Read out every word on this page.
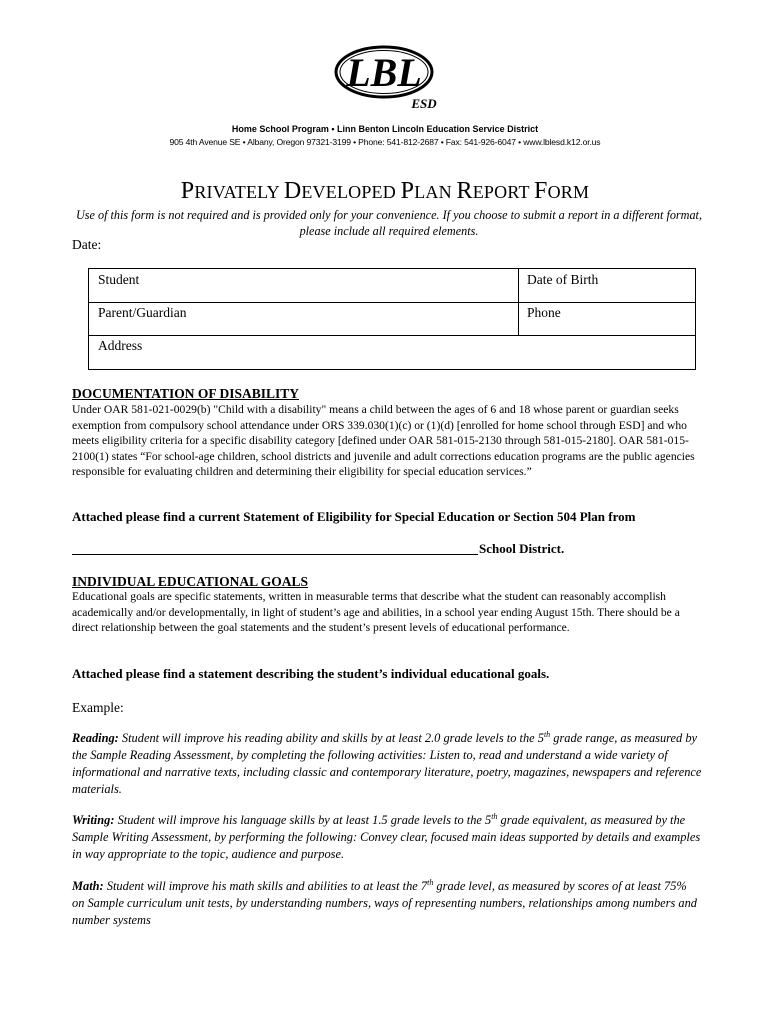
LBL
ESD
Home School Program • Linn Benton Lincoln Education Service District
905 4th Avenue SE • Albany, Oregon 97321-3199 • Phone: 541-812-2687 • Fax: 541-926-6047 • www.lblesd.k12.or.us
PRIVATELY DEVELOPED PLAN REPORT FORM
Use of this form is not required and is provided only for your convenience. If you choose to submit a report in a different format, please include all required elements.
Date:
Student	Date of Birth
Parent/Guardian	Phone
Address
DOCUMENTATION OF DISABILITY
Under OAR 581-021-0029(b) "Child with a disability" means a child between the ages of 6 and 18 whose parent or guardian seeks exemption from compulsory school attendance under ORS 339.030(1)(c) or (1)(d) [enrolled for home school through ESD] and who meets eligibility criteria for a specific disability category [defined under OAR 581-015-2130 through 581-015-2180]. OAR 581-015-2100(1) states “For school-age children, school districts and juvenile and adult corrections education programs are the public agencies responsible for evaluating children and determining their eligibility for special education services.”
Attached please find a current Statement of Eligibility for Special Education or Section 504 Plan from
School District.
INDIVIDUAL EDUCATIONAL GOALS
Educational goals are specific statements, written in measurable terms that describe what the student can reasonably accomplish academically and/or developmentally, in light of student’s age and abilities, in a school year ending August 15th. There should be a direct relationship between the goal statements and the student’s present levels of educational performance.
Attached please find a statement describing the student’s individual educational goals.
Example:
Reading: Student will improve his reading ability and skills by at least 2.0 grade levels to the 5th grade range, as measured by the Sample Reading Assessment, by completing the following activities: Listen to, read and understand a wide variety of informational and narrative texts, including classic and contemporary literature, poetry, magazines, newspapers and reference materials.
Writing: Student will improve his language skills by at least 1.5 grade levels to the 5th grade equivalent, as measured by the Sample Writing Assessment, by performing the following: Convey clear, focused main ideas supported by details and examples in way appropriate to the topic, audience and purpose.
Math: Student will improve his math skills and abilities to at least the 7th grade level, as measured by scores of at least 75% on Sample curriculum unit tests, by understanding numbers, ways of representing numbers, relationships among numbers and number systems
